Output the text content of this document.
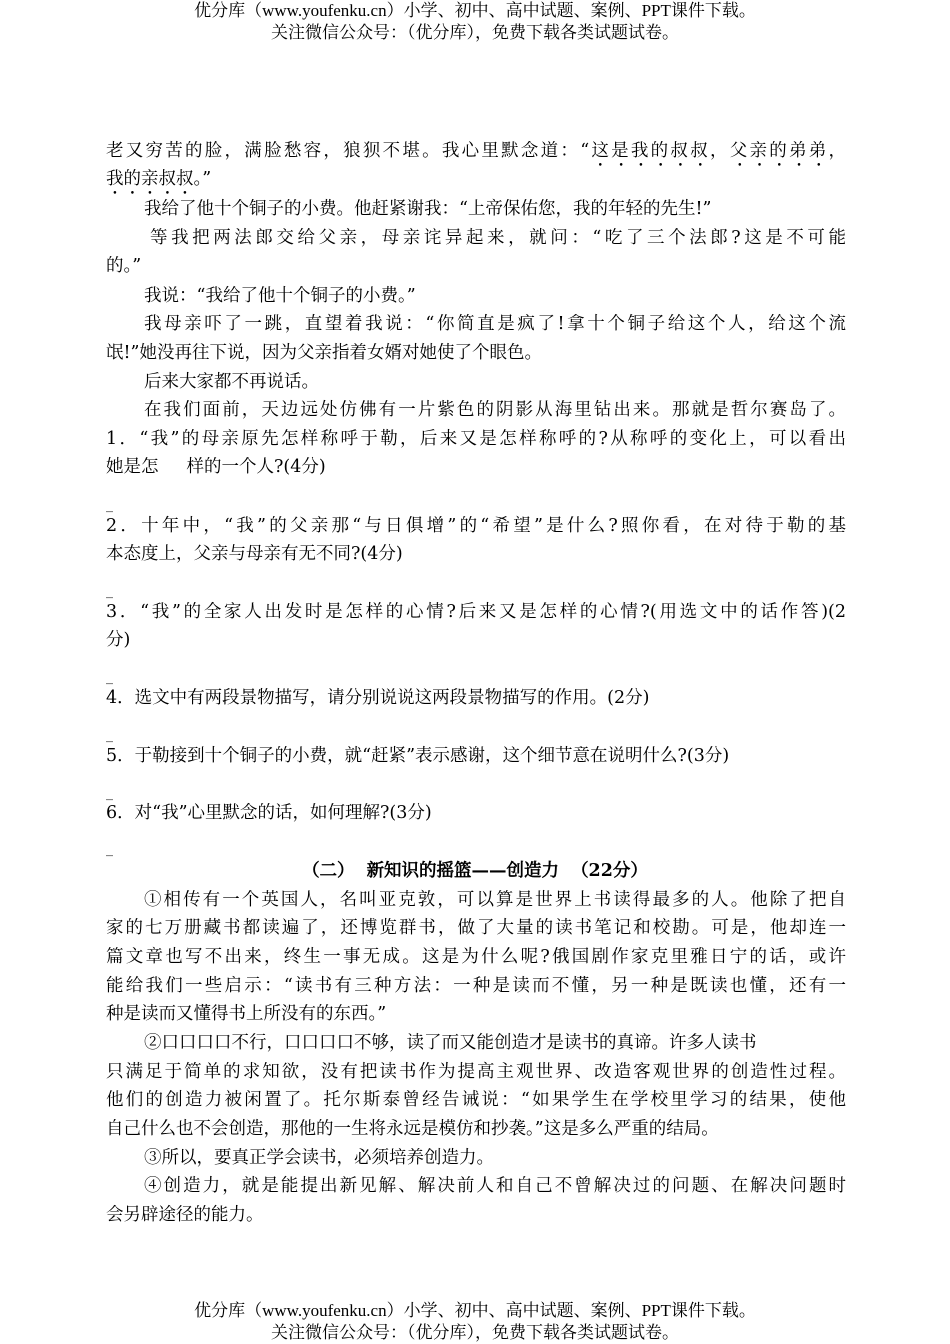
优分库（www.youfenku.cn）小学、初中、高中试题、案例、PPT课件下载。
关注微信公众号：（优分库），免费下载各类试题试卷。
老又穷苦的脸，满脸愁容，狼狈不堪。我心里默念道：“这是我的叔叔，父亲的弟弟，
我的亲叔叔。”
我给了他十个铜子的小费。他赶紧谢我：“上帝保佑您，我的年轻的先生!”
等我把两法郎交给父亲，母亲诧异起来，就问：“吃了三个法郎?这是不可能
的。”
我说：“我给了他十个铜子的小费。”
我母亲吓了一跳，直望着我说：“你简直是疯了!拿十个铜子给这个人，给这个流
氓!”她没再往下说，因为父亲指着女婿对她使了个眼色。
后来大家都不再说话。
在我们面前，天边远处仿佛有一片紫色的阴影从海里钻出来。那就是哲尔赛岛了。
1．“我”的母亲原先怎样称呼于勒，后来又是怎样称呼的?从称呼的变化上，可以看出
她是怎 样的一个人?(4分)
_
2．十年中，“我”的父亲那“与日俱增”的“希望”是什么?照你看，在对待于勒的基
本态度上，父亲与母亲有无不同?(4分)
_
3．“我”的全家人出发时是怎样的心情?后来又是怎样的心情?(用选文中的话作答)(2
分)
_
4．选文中有两段景物描写，请分别说说这两段景物描写的作用。(2分)
_
5．于勒接到十个铜子的小费，就“赶紧”表示感谢，这个细节意在说明什么?(3分)
_
6．对“我”心里默念的话，如何理解?(3分)
_
（二） 新知识的摇篮——创造力 （22分）
①相传有一个英国人，名叫亚克敦，可以算是世界上书读得最多的人。他除了把自
家的七万册藏书都读遍了，还博览群书，做了大量的读书笔记和校勘。可是，他却连一
篇文章也写不出来，终生一事无成。这是为什么呢?俄国剧作家克里雅日宁的话，或许
能给我们一些启示：“读书有三种方法：一种是读而不懂，另一种是既读也懂，还有一
种是读而又懂得书上所没有的东西。”
②口口口口不行，口口口口不够，读了而又能创造才是读书的真谛。许多人读书
只满足于简单的求知欲，没有把读书作为提高主观世界、改造客观世界的创造性过程。
他们的创造力被闲置了。托尔斯泰曾经告诫说：“如果学生在学校里学习的结果，使他
自己什么也不会创造，那他的一生将永远是模仿和抄袭。”这是多么严重的结局。
③所以，要真正学会读书，必须培养创造力。
④创造力，就是能提出新见解、解决前人和自己不曾解决过的问题、在解决问题时
会另辟途径的能力。
优分库（www.youfenku.cn）小学、初中、高中试题、案例、PPT课件下载。
关注微信公众号：（优分库），免费下载各类试题试卷。
